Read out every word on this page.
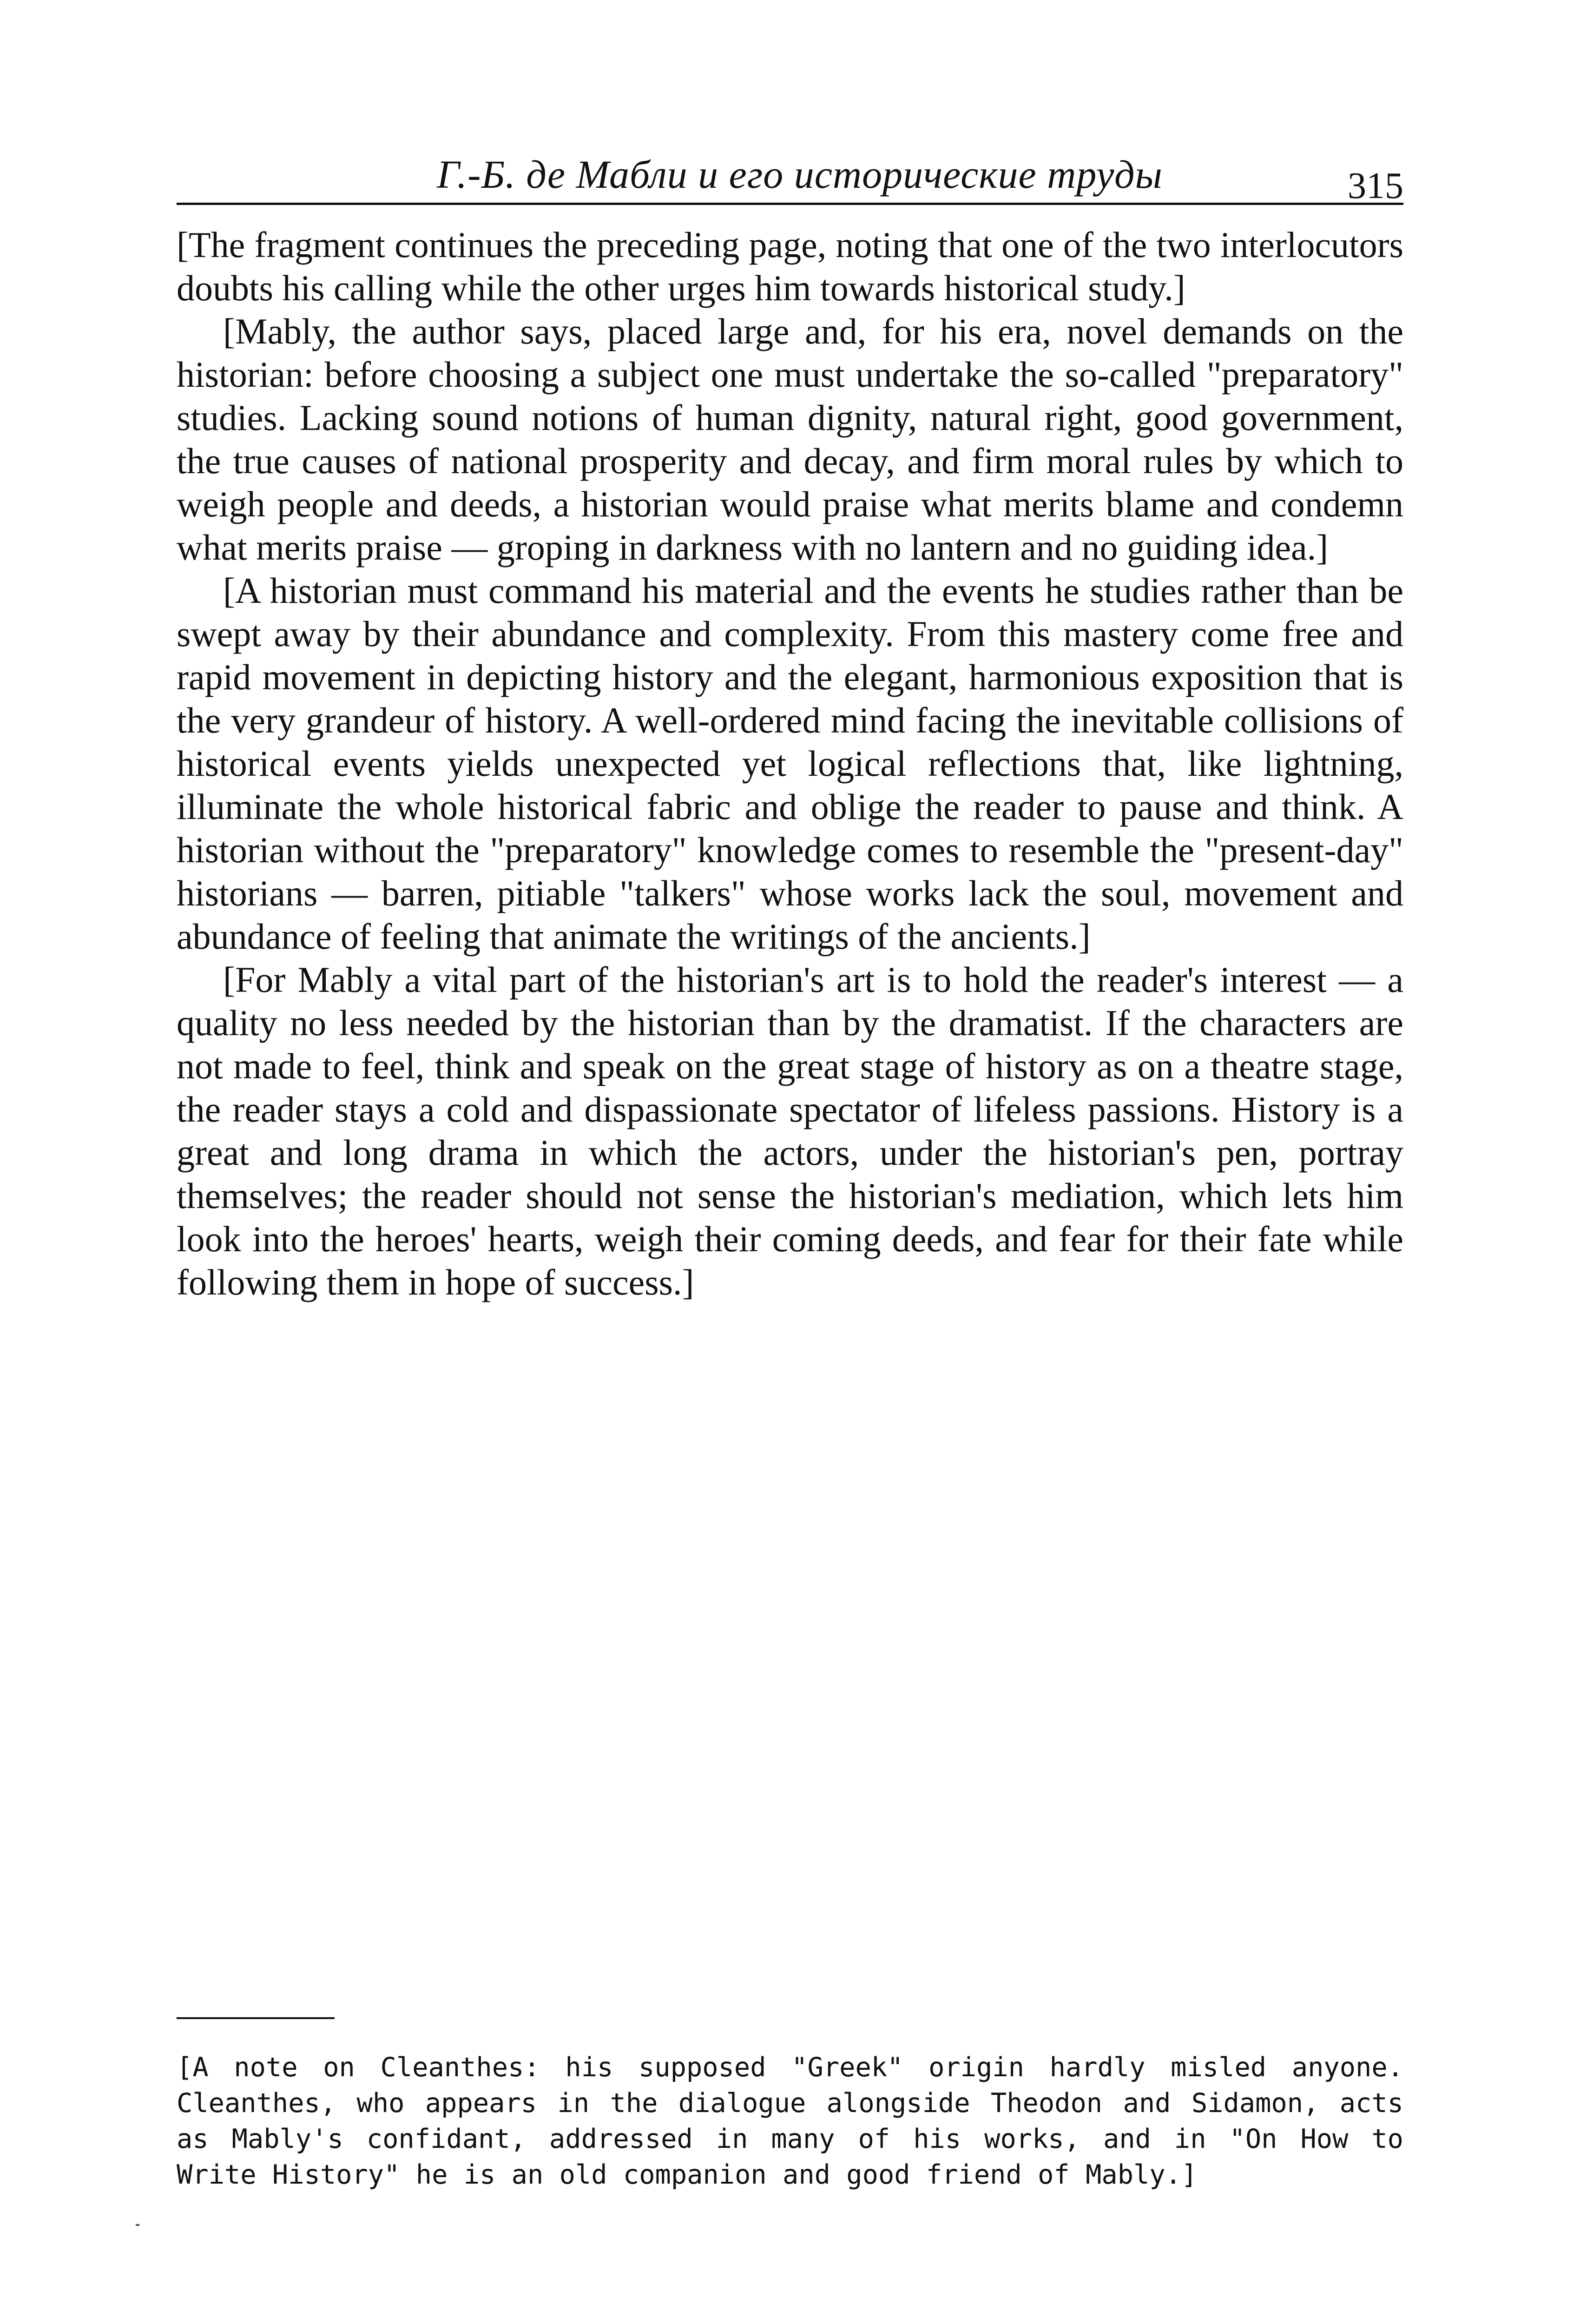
Г.-Б. де Мабли и его исторические труды	315

[The fragment continues the preceding page, noting that one of the two interlocutors doubts his calling while the other urges him towards historical study.]

[Mably, the author says, placed large and, for his era, novel demands on the historian: before choosing a subject one must undertake the so-called "preparatory" studies. Lacking sound notions of human dignity, natural right, good government, the true causes of national prosperity and decay, and firm moral rules by which to weigh people and deeds, a historian would praise what merits blame and condemn what merits praise — groping in darkness with no lantern and no guiding idea.]

[A historian must command his material and the events he studies rather than be swept away by their abundance and complexity. From this mastery come free and rapid movement in depicting history and the elegant, harmonious exposition that is the very grandeur of history. A well-ordered mind facing the inevitable collisions of historical events yields unexpected yet logical reflections that, like lightning, illuminate the whole historical fabric and oblige the reader to pause and think. A historian without the "preparatory" knowledge comes to resemble the "present-day" historians — barren, pitiable "talkers" whose works lack the soul, movement and abundance of feeling that animate the writings of the ancients.]

[For Mably a vital part of the historian's art is to hold the reader's interest — a quality no less needed by the historian than by the dramatist. If the characters are not made to feel, think and speak on the great stage of history as on a theatre stage, the reader stays a cold and dispassionate spectator of lifeless passions. History is a great and long drama in which the actors, under the historian's pen, portray themselves; the reader should not sense the historian's mediation, which lets him look into the heroes' hearts, weigh their coming deeds, and fear for their fate while following them in hope of success.]

[A note on Cleanthes: his supposed "Greek" origin hardly misled anyone. Cleanthes, who appears in the dialogue alongside Theodon and Sidamon, acts as Mably's confidant, addressed in many of his works, and in "On How to Write History" he is an old companion and good friend of Mably.]
